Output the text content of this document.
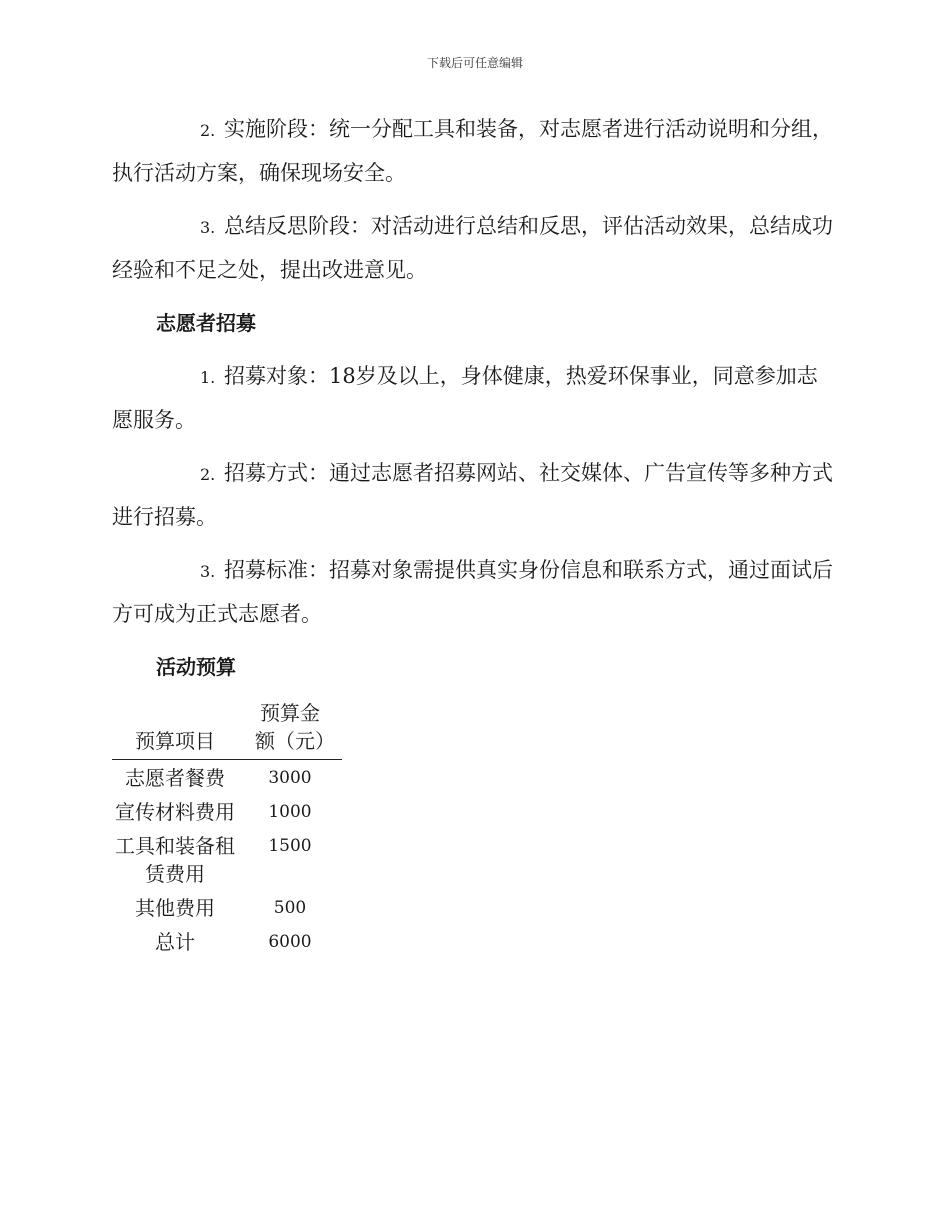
下载后可任意编辑

2. 实施阶段：统一分配工具和装备，对志愿者进行活动说明和分组，执行活动方案，确保现场安全。

3. 总结反思阶段：对活动进行总结和反思，评估活动效果，总结成功经验和不足之处，提出改进意见。

志愿者招募

1. 招募对象：18岁及以上，身体健康，热爱环保事业，同意参加志愿服务。

2. 招募方式：通过志愿者招募网站、社交媒体、广告宣传等多种方式进行招募。

3. 招募标准：招募对象需提供真实身份信息和联系方式，通过面试后方可成为正式志愿者。

活动预算
预算项目	预算金额（元）
志愿者餐费	3000
宣传材料费用	1000
工具和装备租赁费用	1500
其他费用	500
总计	6000
